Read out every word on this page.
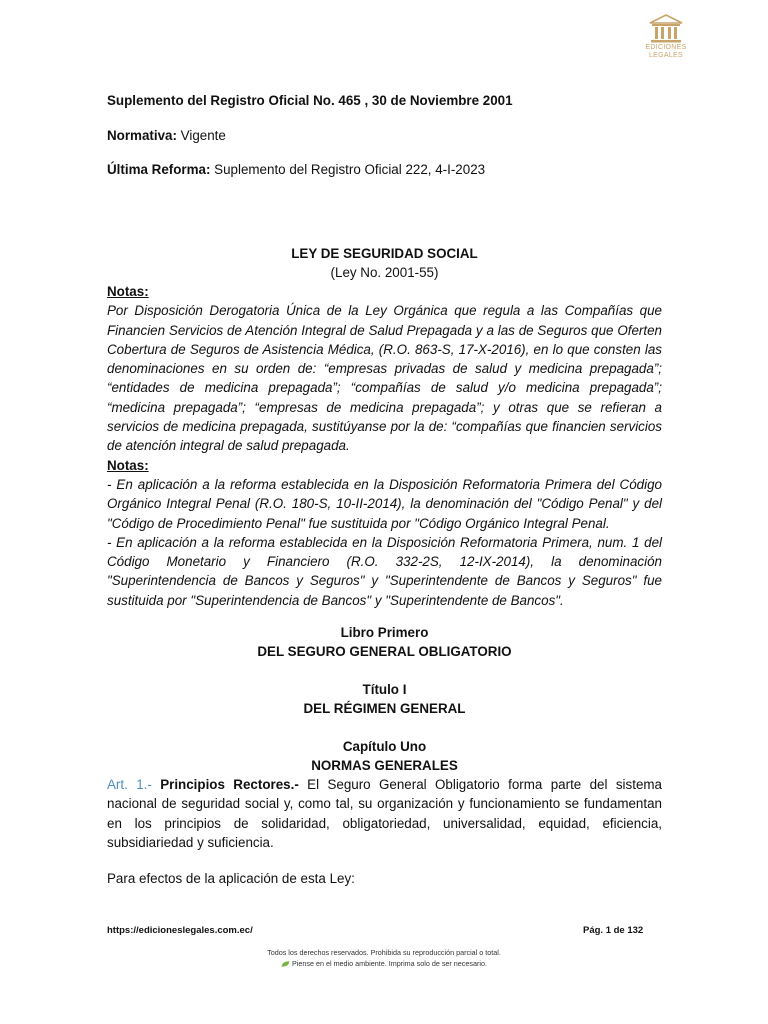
EDICIONES
LEGALES
Suplemento del Registro Oficial No. 465 , 30 de Noviembre 2001
Normativa: Vigente
Última Reforma: Suplemento del Registro Oficial 222, 4-I-2023
LEY DE SEGURIDAD SOCIAL
(Ley No. 2001-55)
Notas:
Por Disposición Derogatoria Única de la Ley Orgánica que regula a las Compañías que Financien Servicios de Atención Integral de Salud Prepagada y a las de Seguros que Oferten Cobertura de Seguros de Asistencia Médica, (R.O. 863-S, 17-X-2016), en lo que consten las denominaciones en su orden de: “empresas privadas de salud y medicina prepagada”; “entidades de medicina prepagada”; “compañías de salud y/o medicina prepagada”; “medicina prepagada”; “empresas de medicina prepagada”; y otras que se refieran a servicios de medicina prepagada, sustitúyanse por la de: “compañías que financien servicios de atención integral de salud prepagada.
Notas:
- En aplicación a la reforma establecida en la Disposición Reformatoria Primera del Código Orgánico Integral Penal (R.O. 180-S, 10-II-2014), la denominación del "Código Penal" y del "Código de Procedimiento Penal" fue sustituida por "Código Orgánico Integral Penal.
- En aplicación a la reforma establecida en la Disposición Reformatoria Primera, num. 1 del Código Monetario y Financiero (R.O. 332-2S, 12-IX-2014), la denominación "Superintendencia de Bancos y Seguros" y "Superintendente de Bancos y Seguros" fue sustituida por "Superintendencia de Bancos" y "Superintendente de Bancos".
Libro Primero
DEL SEGURO GENERAL OBLIGATORIO
Título I
DEL RÉGIMEN GENERAL
Capítulo Uno
NORMAS GENERALES
Art. 1.- Principios Rectores.- El Seguro General Obligatorio forma parte del sistema nacional de seguridad social y, como tal, su organización y funcionamiento se fundamentan en los principios de solidaridad, obligatoriedad, universalidad, equidad, eficiencia, subsidiariedad y suficiencia.
Para efectos de la aplicación de esta Ley:
https://edicioneslegales.com.ec/	Pág. 1 de 132
Todos los derechos reservados. Prohibida su reproducción parcial o total.
Piense en el medio ambiente. Imprima solo de ser necesario.
